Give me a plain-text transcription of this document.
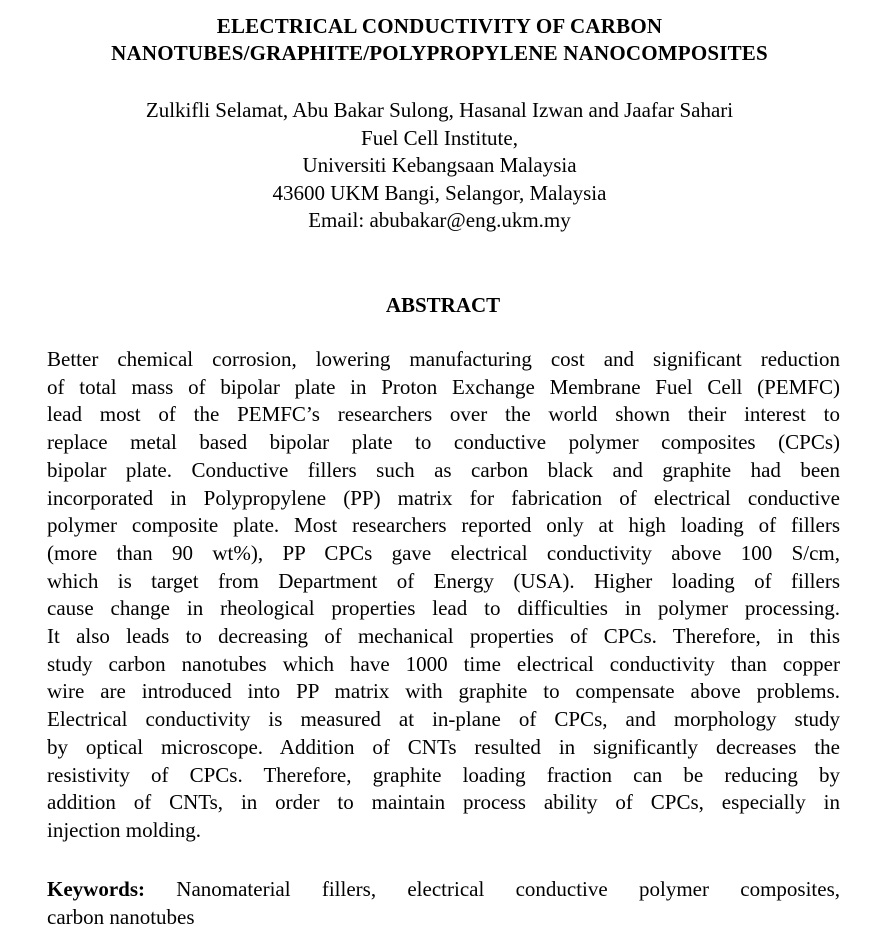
ELECTRICAL CONDUCTIVITY OF CARBON
NANOTUBES/GRAPHITE/POLYPROPYLENE NANOCOMPOSITES
Zulkifli Selamat, Abu Bakar Sulong, Hasanal Izwan and Jaafar Sahari
Fuel Cell Institute,
Universiti Kebangsaan Malaysia
43600 UKM Bangi, Selangor, Malaysia
Email: abubakar@eng.ukm.my
ABSTRACT
Better chemical corrosion, lowering manufacturing cost and significant reduction
of total mass of bipolar plate in Proton Exchange Membrane Fuel Cell (PEMFC)
lead most of the PEMFC’s researchers over the world shown their interest to
replace metal based bipolar plate to conductive polymer composites (CPCs)
bipolar plate. Conductive fillers such as carbon black and graphite had been
incorporated in Polypropylene (PP) matrix for fabrication of electrical conductive
polymer composite plate. Most researchers reported only at high loading of fillers
(more than 90 wt%), PP CPCs gave electrical conductivity above 100 S/cm,
which is target from Department of Energy (USA). Higher loading of fillers
cause change in rheological properties lead to difficulties in polymer processing.
It also leads to decreasing of mechanical properties of CPCs. Therefore, in this
study carbon nanotubes which have 1000 time electrical conductivity than copper
wire are introduced into PP matrix with graphite to compensate above problems.
Electrical conductivity is measured at in-plane of CPCs, and morphology study
by optical microscope. Addition of CNTs resulted in significantly decreases the
resistivity of CPCs. Therefore, graphite loading fraction can be reducing by
addition of CNTs, in order to maintain process ability of CPCs, especially in
injection molding.
Keywords: Nanomaterial fillers, electrical conductive polymer composites,
carbon nanotubes
